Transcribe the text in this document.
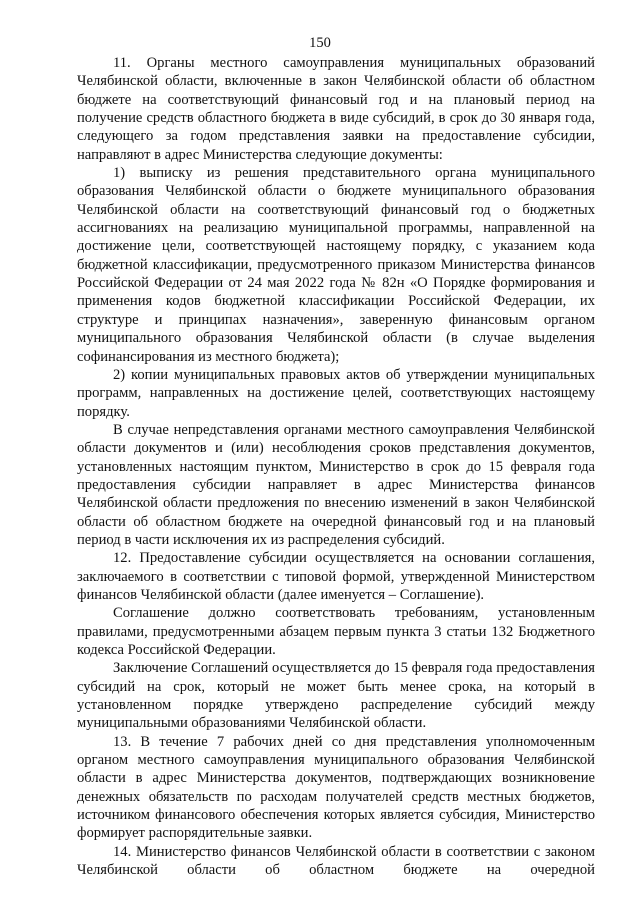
150

11. Органы местного самоуправления муниципальных образований Челябинской области, включенные в закон Челябинской области об областном бюджете на соответствующий финансовый год и на плановый период на получение средств областного бюджета в виде субсидий, в срок до 30 января года, следующего за годом представления заявки на предоставление субсидии, направляют в адрес Министерства следующие документы:

1) выписку из решения представительного органа муниципального образования Челябинской области о бюджете муниципального образования Челябинской области на соответствующий финансовый год о бюджетных ассигнованиях на реализацию муниципальной программы, направленной на достижение цели, соответствующей настоящему порядку, с указанием кода бюджетной классификации, предусмотренного приказом Министерства финансов Российской Федерации от 24 мая 2022 года № 82н «О Порядке формирования и применения кодов бюджетной классификации Российской Федерации, их структуре и принципах назначения», заверенную финансовым органом муниципального образования Челябинской области (в случае выделения софинансирования из местного бюджета);

2) копии муниципальных правовых актов об утверждении муниципальных программ, направленных на достижение целей, соответствующих настоящему порядку.

В случае непредставления органами местного самоуправления Челябинской области документов и (или) несоблюдения сроков представления документов, установленных настоящим пунктом, Министерство в срок до 15 февраля года предоставления субсидии направляет в адрес Министерства финансов Челябинской области предложения по внесению изменений в закон Челябинской области об областном бюджете на очередной финансовый год и на плановый период в части исключения их из распределения субсидий.

12. Предоставление субсидии осуществляется на основании соглашения, заключаемого в соответствии с типовой формой, утвержденной Министерством финансов Челябинской области (далее именуется – Соглашение).

Соглашение должно соответствовать требованиям, установленным правилами, предусмотренными абзацем первым пункта 3 статьи 132 Бюджетного кодекса Российской Федерации.

Заключение Соглашений осуществляется до 15 февраля года предоставления субсидий на срок, который не может быть менее срока, на который в установленном порядке утверждено распределение субсидий между муниципальными образованиями Челябинской области.

13. В течение 7 рабочих дней со дня представления уполномоченным органом местного самоуправления муниципального образования Челябинской области в адрес Министерства документов, подтверждающих возникновение денежных обязательств по расходам получателей средств местных бюджетов, источником финансового обеспечения которых является субсидия, Министерство формирует распорядительные заявки.

14. Министерство финансов Челябинской области в соответствии с законом Челябинской области об областном бюджете на очередной
